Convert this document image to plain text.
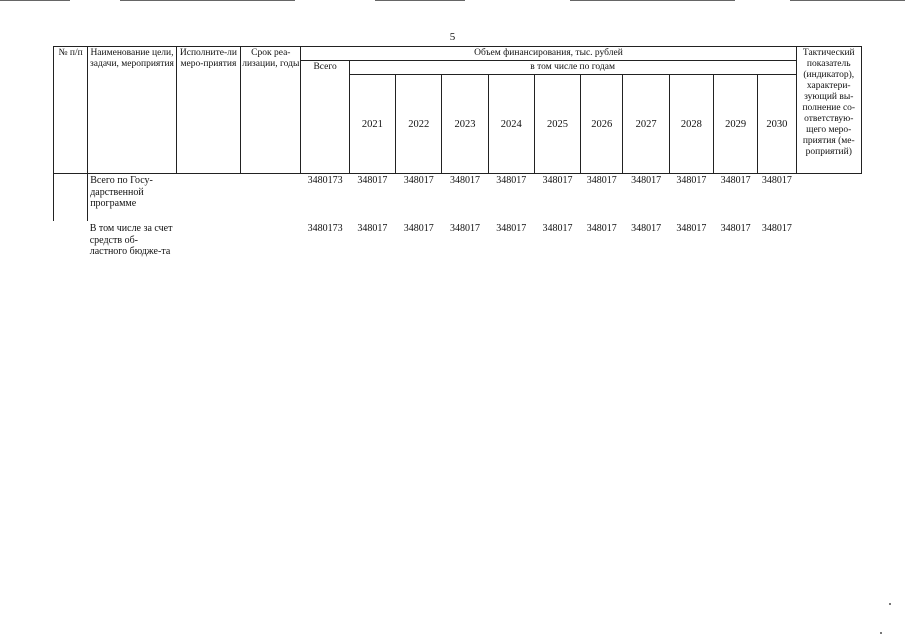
5
№ п/п	Наименование цели, задачи, мероприятия	Исполните-ли меро-приятия	Срок реа-лизации, годы	Объем финансирования, тыс. рублей											Тактический показатель (индикатор), характери-зующий вы-полнение со-ответствую-щего меро-приятия (ме-роприятий)
				Всего	в том числе по годам										
					2021	2022	2023	2024	2025	2026	2027	2028	2029	2030	
	Всего по Госу-дарственной программе			3480173	348017	348017	348017	348017	348017	348017	348017	348017	348017	348017	
	В том числе за счет средств об-ластного бюдже-та			3480173	348017	348017	348017	348017	348017	348017	348017	348017	348017	348017	
